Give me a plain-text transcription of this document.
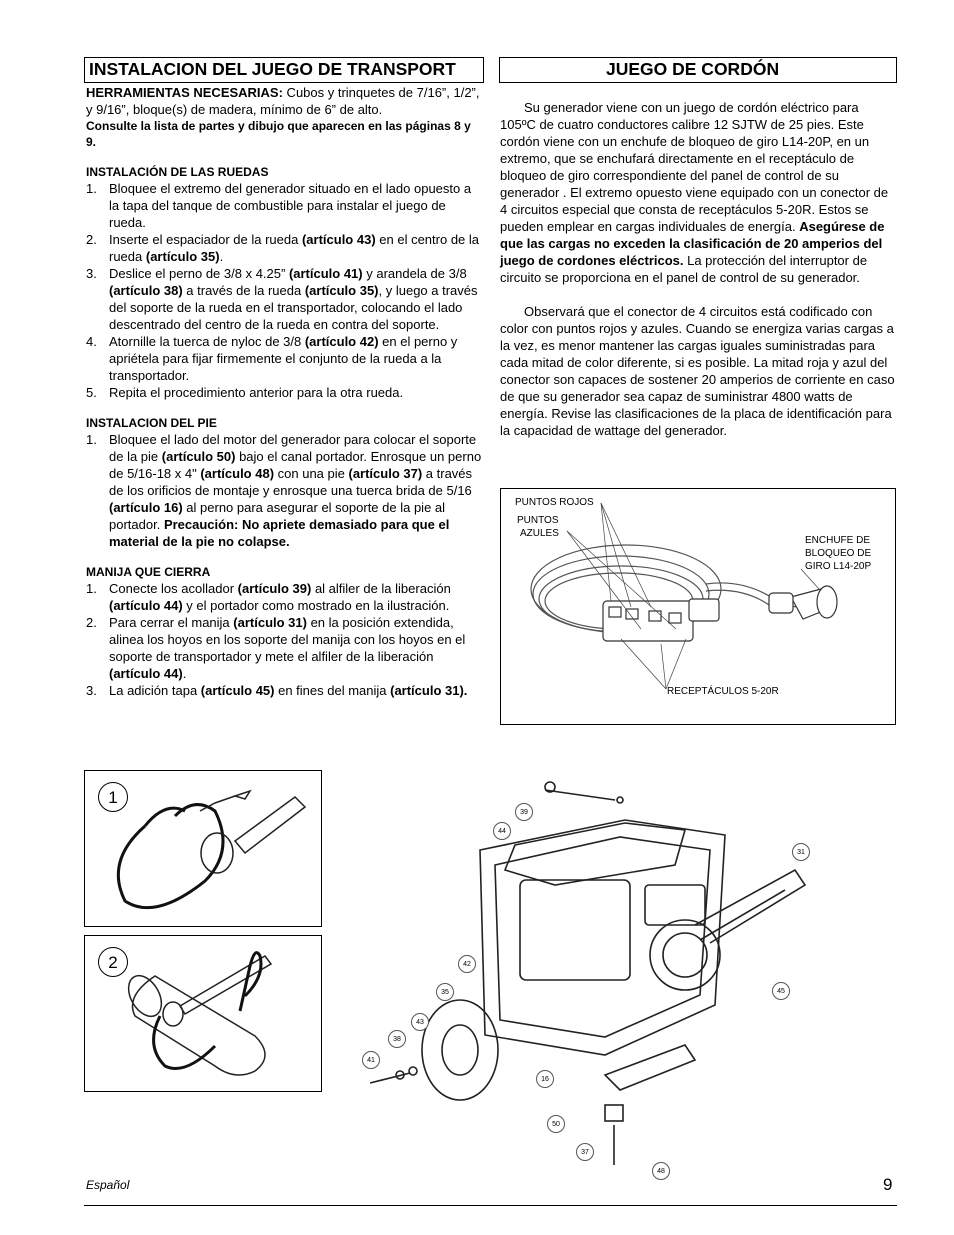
INSTALACION DEL JUEGO DE TRANSPORT
HERRAMIENTAS NECESARIAS: Cubos y trinquetes de 7/16”, 1/2”, y 9/16”, bloque(s) de madera, mínimo de 6” de alto.
Consulte la lista de partes y dibujo que aparecen en las páginas 8 y 9.
INSTALACIÓN DE LAS RUEDAS
1. Bloquee el extremo del generador situado en el lado opuesto a la tapa del tanque de combustible para instalar el juego de rueda.
2. Inserte el espaciador de la rueda (artículo 43) en el centro de la rueda (artículo 35).
3. Deslice el perno de 3/8 x 4.25” (artículo 41) y arandela de 3/8 (artículo 38) a través de la rueda (artículo 35), y luego a través del soporte de la rueda en el transportador, colocando el lado descentrado del centro de la rueda en contra del soporte.
4. Atornille la tuerca de nyloc de 3/8 (artículo 42) en el perno y apriétela para fijar firmemente el conjunto de la rueda a la transportador.
5. Repita el procedimiento anterior para la otra rueda.
INSTALACION DEL PIE
1. Bloquee el lado del motor del generador para colocar el soporte de la pie (artículo 50) bajo el canal portador. Enrosque un perno de 5/16-18 x 4" (artículo 48) con una pie (artículo 37) a través de los orificios de montaje y enrosque una tuerca brida de 5/16 (artículo 16) al perno para asegurar el soporte de la pie al portador. Precaución: No apriete demasiado para que el material de la pie no colapse.
MANIJA QUE CIERRA
1. Conecte los acollador (artículo 39) al alfiler de la liberación (artículo 44) y el portador como mostrado en la ilustración.
2. Para cerrar el manija (artículo 31) en la posición extendida, alinea los hoyos en los soporte del manija con los hoyos en el soporte de transportador y mete el alfiler de la liberación (artículo 44).
3. La adición tapa (artículo 45) en fines del manija (artículo 31).
JUEGO DE CORDÓN

Su generador viene con un juego de cordón eléctrico para 105ºC de cuatro conductores calibre 12 SJTW de 25 pies. Este cordón viene con un enchufe de bloqueo de giro L14-20P, en un extremo, que se enchufará directamente en el receptáculo de bloqueo de giro correspondiente del panel de control de su generador . El extremo opuesto viene equipado con un conector de 4 circuitos especial que consta de receptáculos 5-20R. Estos se pueden emplear en cargas individuales de energía. Asegúrese de que las cargas no exceden la clasificación de 20 amperios del juego de cordones eléctricos. La protección del interruptor de circuito se proporciona en el panel de control de su generador.

Observará que el conector de 4 circuitos está codificado con color con puntos rojos y azules. Cuando se energiza varias cargas a la vez, es menor mantener las cargas iguales suministradas para cada mitad de color diferente, si es posible. La mitad roja y azul del conector son capaces de sostener 20 amperios de corriente en caso de que su generador sea capaz de suministrar 4800 watts de energía. Revise las clasificaciones de la placa de identificación para la capacidad de wattage del generador.

PUNTOS ROJOS
PUNTOS
AZULES
ENCHUFE DE
BLOQUEO DE
GIRO L14-20P
RECEPTÁCULOS 5-20R
1
2
39
44
31
42
35
43
38
41
16
45
50
37
48
Español	9
